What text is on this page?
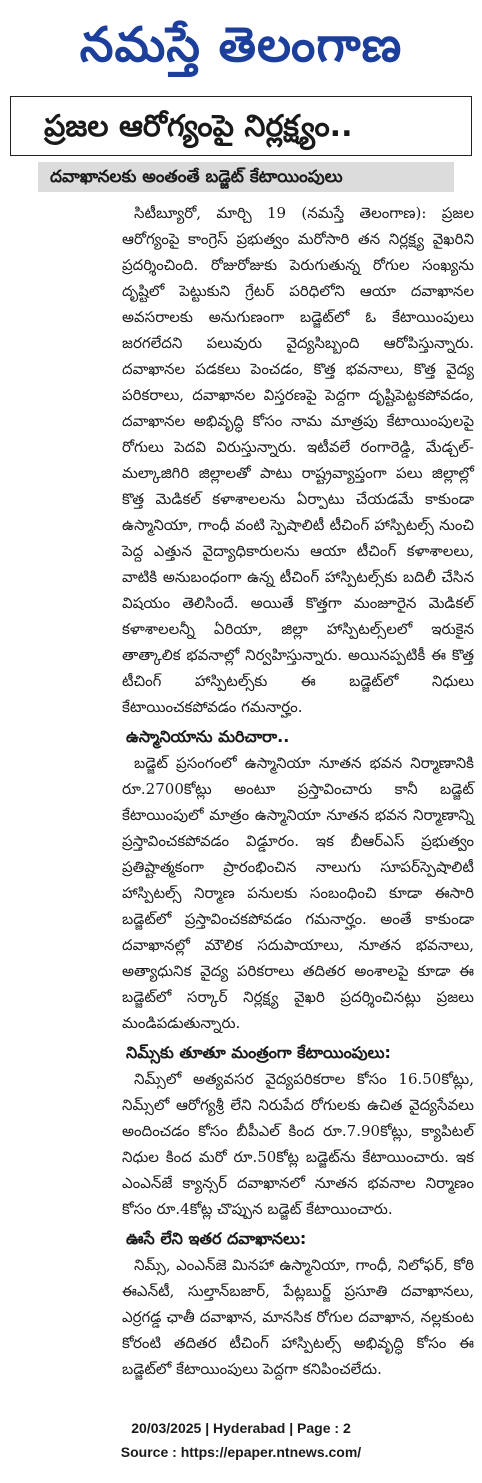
నమస్తే తెలంగాణ
ప్రజల ఆరోగ్యంపై నిర్లక్ష్యం..
దవాఖానలకు అంతంతే బడ్జెట్ కేటాయింపులు

సిటీబ్యూరో, మార్చి 19 (నమస్తే తెలంగాణ): ప్రజల ఆరోగ్యంపై కాంగ్రెస్ ప్రభుత్వం మరోసారి తన నిర్లక్ష్య వైఖరిని ప్రదర్శించింది. రోజురోజుకు పెరుగుతున్న రోగుల సంఖ్యను దృష్టిలో పెట్టుకుని గ్రేటర్ పరిధిలోని ఆయా దవాఖానల అవసరాలకు అనుగుణంగా బడ్జెట్‌లో ఓ కేటాయింపులు జరగలేదని పలువురు వైద్యసిబ్బంది ఆరోపిస్తున్నారు. దవాఖానల పడకలు పెంచడం, కొత్త భవనాలు, కొత్త వైద్య పరికరాలు, దవాఖానల విస్తరణపై పెద్దగా దృష్టిపెట్టకపోవడం, దవాఖానల అభివృద్ధి కోసం నామ మాత్రపు కేటాయింపులపై రోగులు పెదవి విరుస్తున్నారు. ఇటీవలే రంగారెడ్డి, మేడ్చల్-మల్కాజిగిరి జిల్లాలతో పాటు రాష్ట్రవ్యాప్తంగా పలు జిల్లాల్లో కొత్త మెడికల్ కళాశాలలను ఏర్పాటు చేయడమే కాకుండా ఉస్మానియా, గాంధీ వంటి స్పెషాలిటీ టీచింగ్ హాస్పిటల్స్ నుంచి పెద్ద ఎత్తున వైద్యాధికారులను ఆయా టీచింగ్ కళాశాలలు, వాటికి అనుబంధంగా ఉన్న టీచింగ్ హాస్పిటల్స్‌కు బదిలీ చేసిన విషయం తెలిసిందే. అయితే కొత్తగా మంజూరైన మెడికల్ కళాశాలలన్నీ ఏరియా, జిల్లా హాస్పిటల్స్‌లలో ఇరుకైన తాత్కాలిక భవనాల్లో నిర్వహిస్తున్నారు. అయినప్పటికీ ఈ కొత్త టీచింగ్ హాస్పిటల్స్‌కు ఈ బడ్జెట్‌లో నిధులు కేటాయించకపోవడం గమనార్హం.

ఉస్మానియాను మరిచారా..

బడ్జెట్ ప్రసంగంలో ఉస్మానియా నూతన భవన నిర్మాణానికి రూ.2700కోట్లు అంటూ ప్రస్తావించారు కానీ బడ్జెట్ కేటాయింపులో మాత్రం ఉస్మానియా నూతన భవన నిర్మాణాన్ని ప్రస్తావించకపోవడం విడ్డూరం. ఇక బీఆర్‌ఎస్ ప్రభుత్వం ప్రతిష్టాత్మకంగా ప్రారంభించిన నాలుగు సూపర్‌స్పెషాలిటీ హాస్పిటల్స్ నిర్మాణ పనులకు సంబంధించి కూడా ఈసారి బడ్జెట్‌లో ప్రస్తావించకపోవడం గమనార్హం. అంతే కాకుండా దవాఖానల్లో మౌలిక సదుపాయాలు, నూతన భవనాలు, అత్యాధునిక వైద్య పరికరాలు తదితర అంశాలపై కూడా ఈ బడ్జెట్‌లో సర్కార్ నిర్లక్ష్య వైఖరి ప్రదర్శించినట్లు ప్రజలు మండిపడుతున్నారు.

నిమ్స్‌కు తూతూ మంత్రంగా కేటాయింపులు:

నిమ్స్‌లో అత్యవసర వైద్యపరికరాల కోసం 16.50కోట్లు, నిమ్స్‌లో ఆరోగ్యశ్రీ లేని నిరుపేద రోగులకు ఉచిత వైద్యసేవలు అందించడం కోసం బీపీఎల్ కింద రూ.7.90కోట్లు, క్యాపిటల్ నిధుల కింద మరో రూ.50కోట్ల బడ్జెట్‌ను కేటాయించారు. ఇక ఎంఎన్‌జే క్యాన్సర్ దవాఖానలో నూతన భవనాల నిర్మాణం కోసం రూ.4కోట్ల చొప్పున బడ్జెట్ కేటాయించారు.

ఊసే లేని ఇతర దవాఖానలు:

నిమ్స్, ఎంఎన్‌జె మినహా ఉస్మానియా, గాంధీ, నిలోఫర్, కోఠి ఈఎన్‌టీ, సుల్తాన్‌బజార్, పేట్లబుర్జ్ ప్రసూతి దవాఖానలు, ఎర్రగడ్డ ఛాతీ దవాఖాన, మానసిక రోగుల దవాఖాన, నల్లకుంట కోరంటి తదితర టీచింగ్ హాస్పిటల్స్ అభివృద్ధి కోసం ఈ బడ్జెట్‌లో కేటాయింపులు పెద్దగా కనిపించలేదు.

20/03/2025 | Hyderabad | Page : 2
Source : https://epaper.ntnews.com/
